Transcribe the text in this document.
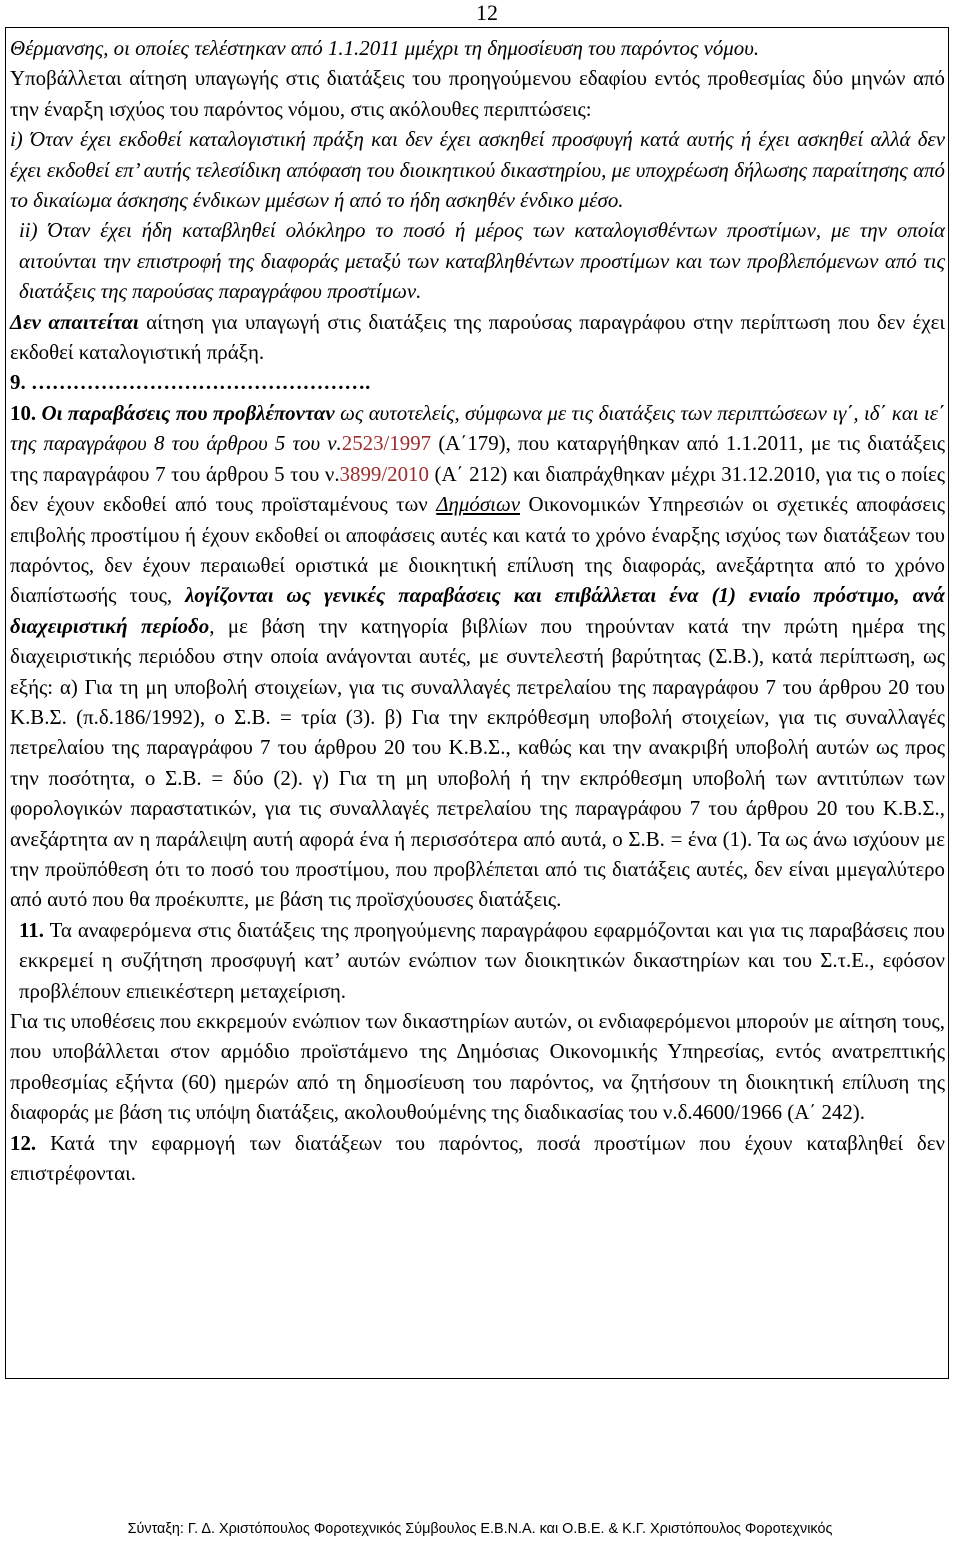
12

Θέρμανσης, οι οποίες τελέστηκαν από 1.1.2011 μμέχρι τη δημοσίευση του παρόντος νόμου.

Υποβάλλεται αίτηση υπαγωγής στις διατάξεις του προηγούμενου εδαφίου εντός προθεσμίας δύο μηνών από την έναρξη ισχύος του παρόντος νόμου, στις ακόλουθες περιπτώσεις:

i) Όταν έχει εκδοθεί καταλογιστική πράξη και δεν έχει ασκηθεί προσφυγή κατά αυτής ή έχει ασκηθεί αλλά δεν έχει εκδοθεί επ’ αυτής τελεσίδικη απόφαση του διοικητικού δικαστηρίου, με υποχρέωση δήλωσης παραίτησης από το δικαίωμα άσκησης ένδικων μμέσων ή από το ήδη ασκηθέν ένδικο μέσο.

ii) Όταν έχει ήδη καταβληθεί ολόκληρο το ποσό ή μέρος των καταλογισθέντων προστίμων, με την οποία αιτούνται την επιστροφή της διαφοράς μεταξύ των καταβληθέντων προστίμων και των προβλεπόμενων από τις διατάξεις της παρούσας παραγράφου προστίμων.

Δεν απαιτείται αίτηση για υπαγωγή στις διατάξεις της παρούσας παραγράφου στην περίπτωση που δεν έχει εκδοθεί καταλογιστική πράξη.

9. ………………………………………….

10. Οι παραβάσεις που προβλέπονταν ως αυτοτελείς, σύμφωνα με τις διατάξεις των περιπτώσεων ιγ΄, ιδ΄ και ιε΄ της παραγράφου 8 του άρθρου 5 του ν.2523/1997 (Α΄179), που καταργήθηκαν από 1.1.2011, με τις διατάξεις της παραγράφου 7 του άρθρου 5 του ν.3899/2010 (Α΄ 212) και διαπράχθηκαν μέχρι 31.12.2010, για τις ο ποίες δεν έχουν εκδοθεί από τους προϊσταμένους των Δημόσιων Οικονομικών Υπηρεσιών οι σχετικές αποφάσεις επιβολής προστίμου ή έχουν εκδοθεί οι αποφάσεις αυτές και κατά το χρόνο έναρξης ισχύος των διατάξεων του παρόντος, δεν έχουν περαιωθεί οριστικά με διοικητική επίλυση της διαφοράς, ανεξάρτητα από το χρόνο διαπίστωσής τους, λογίζονται ως γενικές παραβάσεις και επιβάλλεται ένα (1) ενιαίο πρόστιμο, ανά διαχειριστική περίοδο, με βάση την κατηγορία βιβλίων που τηρούνταν κατά την πρώτη ημέρα της διαχειριστικής περιόδου στην οποία ανάγονται αυτές, με συντελεστή βαρύτητας (Σ.Β.), κατά περίπτωση, ως εξής: α) Για τη μη υποβολή στοιχείων, για τις συναλλαγές πετρελαίου της παραγράφου 7 του άρθρου 20 του Κ.Β.Σ. (π.δ.186/1992), ο Σ.Β. = τρία (3). β) Για την εκπρόθεσμη υποβολή στοιχείων, για τις συναλλαγές πετρελαίου της παραγράφου 7 του άρθρου 20 του Κ.Β.Σ., καθώς και την ανακριβή υποβολή αυτών ως προς την ποσότητα, ο Σ.Β. = δύο (2). γ) Για τη μη υποβολή ή την εκπρόθεσμη υποβολή των αντιτύπων των φορολογικών παραστατικών, για τις συναλλαγές πετρελαίου της παραγράφου 7 του άρθρου 20 του Κ.Β.Σ., ανεξάρτητα αν η παράλειψη αυτή αφορά ένα ή περισσότερα από αυτά, ο Σ.Β. = ένα (1). Τα ως άνω ισχύουν με την προϋπόθεση ότι το ποσό του προστίμου, που προβλέπεται από τις διατάξεις αυτές, δεν είναι μμεγαλύτερο από αυτό που θα προέκυπτε, με βάση τις προϊσχύουσες διατάξεις.

11. Τα αναφερόμενα στις διατάξεις της προηγούμενης παραγράφου εφαρμόζονται και για τις παραβάσεις που εκκρεμεί η συζήτηση προσφυγή κατ’ αυτών ενώπιον των διοικητικών δικαστηρίων και του Σ.τ.Ε., εφόσον προβλέπουν επιεικέστερη μεταχείριση.

Για τις υποθέσεις που εκκρεμούν ενώπιον των δικαστηρίων αυτών, οι ενδιαφερόμενοι μπορούν με αίτηση τους, που υποβάλλεται στον αρμόδιο προϊστάμενο της Δημόσιας Οικονομικής Υπηρεσίας, εντός ανατρεπτικής προθεσμίας εξήντα (60) ημερών από τη δημοσίευση του παρόντος, να ζητήσουν τη διοικητική επίλυση της διαφοράς με βάση τις υπόψη διατάξεις, ακολουθούμένης της διαδικασίας του ν.δ.4600/1966 (Α΄ 242).

12. Κατά την εφαρμογή των διατάξεων του παρόντος, ποσά προστίμων που έχουν καταβληθεί δεν επιστρέφονται.

Σύνταξη: Γ. Δ. Χριστόπουλος Φοροτεχνικός Σύμβουλος Ε.Β.Ν.Α. και Ο.Β.Ε. & Κ.Γ. Χριστόπουλος Φοροτεχνικός
